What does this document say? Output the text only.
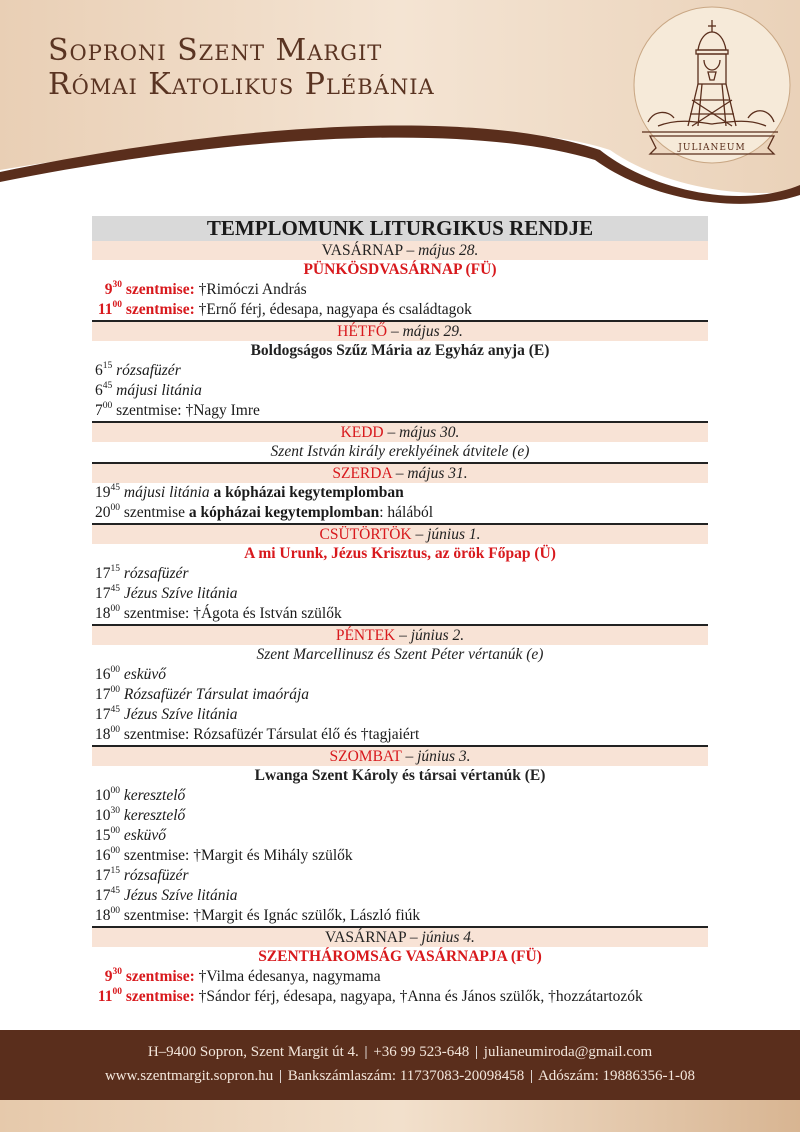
Soproni Szent Margit
Római Katolikus Plébánia
JULIANEUM
TEMPLOMUNK LITURGIKUS RENDJE
VASÁRNAP – május 28.
PÜNKÖSDVASÁRNAP (FÜ)
$9^{30}$ szentmise: †Rimóczi András
$11^{00}$ szentmise: †Ernő férj, édesapa, nagyapa és családtagok
HÉTFŐ – május 29.
Boldogságos Szűz Mária az Egyház anyja (E)
$6^{15}$ rózsafüzér
$6^{45}$ májusi litánia
$7^{00}$ szentmise: †Nagy Imre
KEDD – május 30.
Szent István király ereklyéinek átvitele (e)
SZERDA – május 31.
$19^{45}$ májusi litánia a kópházai kegytemplomban
$20^{00}$ szentmise a kópházai kegytemplomban: hálából
CSÜTÖRTÖK – június 1.
A mi Urunk, Jézus Krisztus, az örök Főpap (Ü)
$17^{15}$ rózsafüzér
$17^{45}$ Jézus Szíve litánia
$18^{00}$ szentmise: †Ágota és István szülők
PÉNTEK – június 2.
Szent Marcellinusz és Szent Péter vértanúk (e)
$16^{00}$ esküvő
$17^{00}$ Rózsafüzér Társulat imaórája
$17^{45}$ Jézus Szíve litánia
$18^{00}$ szentmise: Rózsafüzér Társulat élő és †tagjaiért
SZOMBAT – június 3.
Lwanga Szent Károly és társai vértanúk (E)
$10^{00}$ keresztelő
$10^{30}$ keresztelő
$15^{00}$ esküvő
$16^{00}$ szentmise: †Margit és Mihály szülők
$17^{15}$ rózsafüzér
$17^{45}$ Jézus Szíve litánia
$18^{00}$ szentmise: †Margit és Ignác szülők, László fiúk
VASÁRNAP – június 4.
SZENTHÁROMSÁG VASÁRNAPJA (FÜ)
$9^{30}$ szentmise: †Vilma édesanya, nagymama
$11^{00}$ szentmise: †Sándor férj, édesapa, nagyapa, †Anna és János szülők, †hozzátartozók
H–9400 Sopron, Szent Margit út 4. | +36 99 523-648 | julianeumiroda@gmail.com
www.szentmargit.sopron.hu | Bankszámlaszám: 11737083-20098458 | Adószám: 19886356-1-08
